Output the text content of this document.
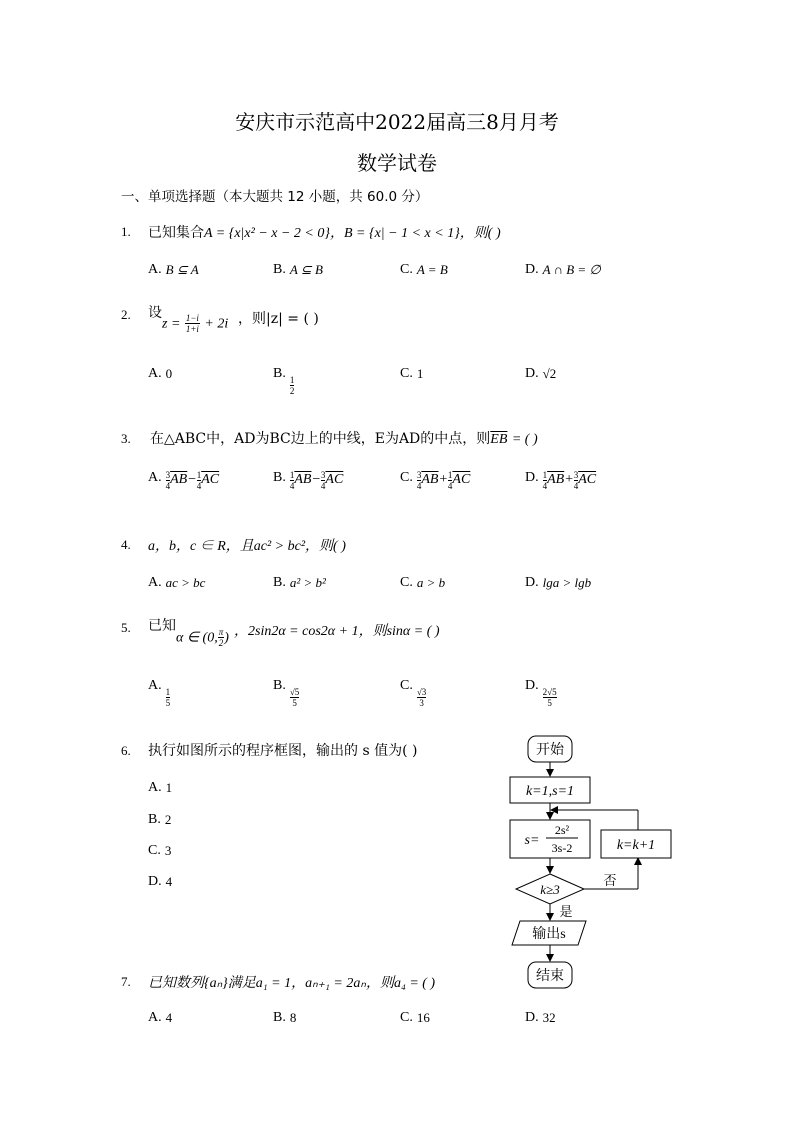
安庆市示范高中2022届高三8月月考
数学试卷
一、单项选择题（本大题共 12 小题，共 60.0 分）
1. 已知集合A = {x|x² − x − 2 < 0}，B = {x| − 1 < x < 1}，则( )
A. B ⊆ A	B. A ⊆ B	C. A = B	D. A ∩ B = ∅
2. 设
$z = \frac{1-i}{1+i} + 2i$ ，则|z| = ( )
A. 0	B.
$\frac{1}{2}$
C. 1	D. √2
3. 在△ABC中，AD为BC边上的中线，E为AD的中点，则$\overline{EB}$ = ( )
A. $\frac{3}{4} \overline{AB}- \frac{1}{4} \overline{AC}$	B. $\frac{1}{4} \overline{AB}- \frac{3}{4} \overline{AC}$	C. $\frac{3}{4} \overline{AB}+ \frac{1}{4} \overline{AC}$	D. $\frac{1}{4} \overline{AB}+ \frac{3}{4} \overline{AC}$
4. a，b，c ∈ R，且ac² > bc²，则( )
A. ac > bc	B. a² > b²	C. a > b	D. lga > lgb
5. 已知
α ∈ (0, $\frac{\pi}{2}$ ) ，2sin2α = cos2α + 1，则sinα = ( )
A.
$\frac{1}{5}$
B.
$\frac{√5}{5}$
C.
$\frac{√3}{3}$
D.
$\frac{2√5}{5}$
6. 执行如图所示的程序框图，输出的 s 值为( )
A. 1
B. 2
C. 3
D. 4
开始
k=1,s=1
s=
2s²
3s-2
k≥3
否
k=k+1
是
输出s
结束
7. 已知数列{aₙ}满足a₁ = 1，aₙ₊₁ = 2aₙ，则a₄ = ( )
A. 4	B. 8	C. 16	D. 32
